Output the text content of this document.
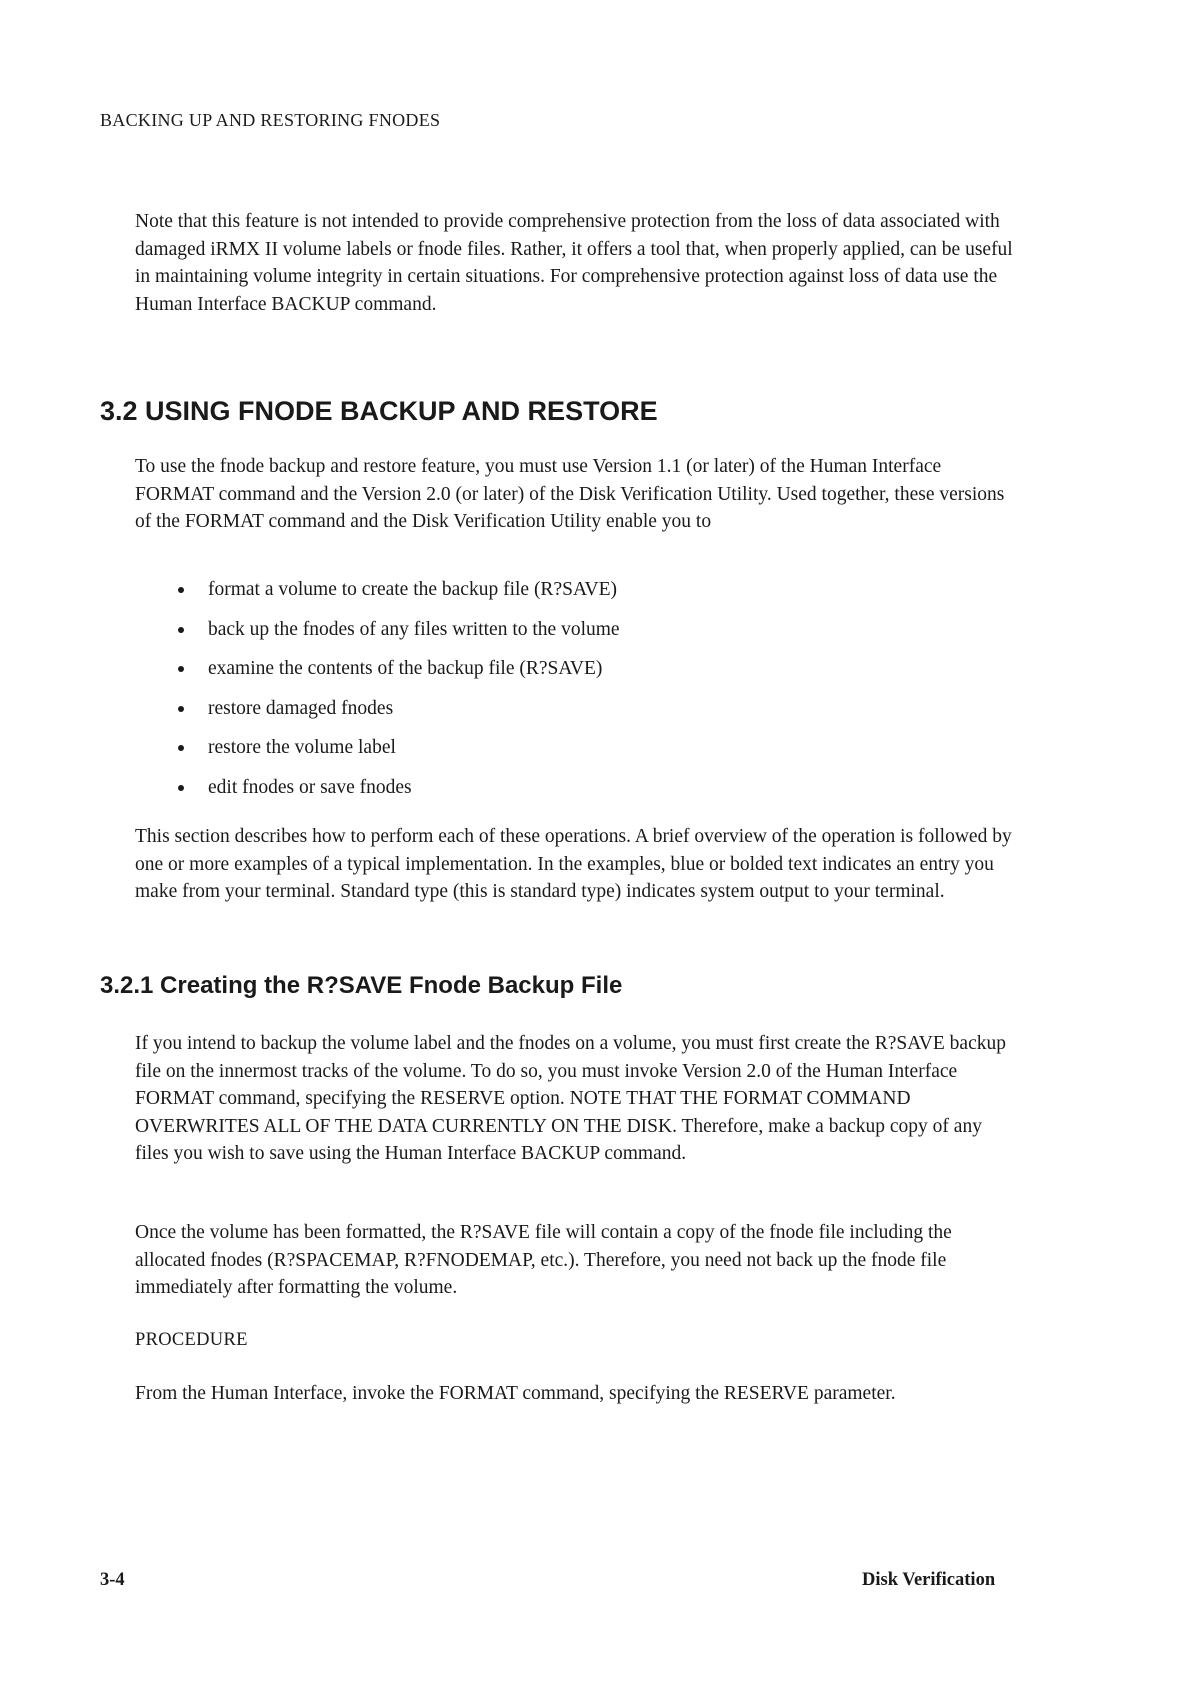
BACKING UP AND RESTORING FNODES

Note that this feature is not intended to provide comprehensive protection from the loss of data associated with damaged iRMX II volume labels or fnode files. Rather, it offers a tool that, when properly applied, can be useful in maintaining volume integrity in certain situations. For comprehensive protection against loss of data use the Human Interface BACKUP command.

3.2 USING FNODE BACKUP AND RESTORE

To use the fnode backup and restore feature, you must use Version 1.1 (or later) of the Human Interface FORMAT command and the Version 2.0 (or later) of the Disk Verification Utility. Used together, these versions of the FORMAT command and the Disk Verification Utility enable you to

format a volume to create the backup file (R?SAVE)
back up the fnodes of any files written to the volume
examine the contents of the backup file (R?SAVE)
restore damaged fnodes
restore the volume label
edit fnodes or save fnodes

This section describes how to perform each of these operations. A brief overview of the operation is followed by one or more examples of a typical implementation. In the examples, blue or bolded text indicates an entry you make from your terminal. Standard type (this is standard type) indicates system output to your terminal.

3.2.1 Creating the R?SAVE Fnode Backup File

If you intend to backup the volume label and the fnodes on a volume, you must first create the R?SAVE backup file on the innermost tracks of the volume. To do so, you must invoke Version 2.0 of the Human Interface FORMAT command, specifying the RESERVE option. NOTE THAT THE FORMAT COMMAND OVERWRITES ALL OF THE DATA CURRENTLY ON THE DISK. Therefore, make a backup copy of any files you wish to save using the Human Interface BACKUP command.

Once the volume has been formatted, the R?SAVE file will contain a copy of the fnode file including the allocated fnodes (R?SPACEMAP, R?FNODEMAP, etc.). Therefore, you need not back up the fnode file immediately after formatting the volume.

PROCEDURE

From the Human Interface, invoke the FORMAT command, specifying the RESERVE parameter.

3-4	Disk Verification
